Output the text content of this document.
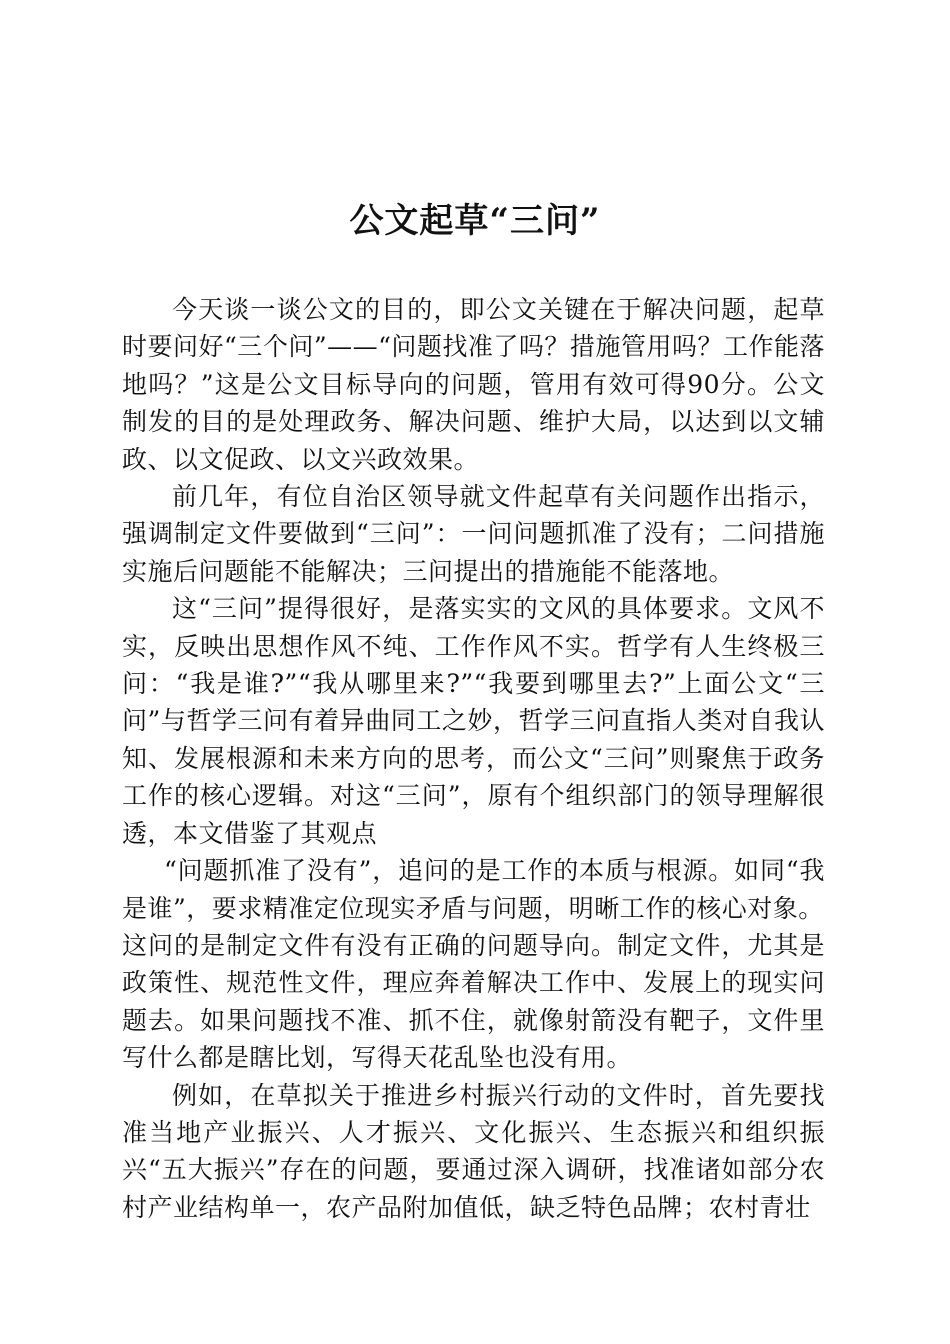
公文起草“三问”

今天谈一谈公文的目的，即公文关键在于解决问题，起草时要问好“三个问”——“问题找准了吗？措施管用吗？工作能落地吗？”这是公文目标导向的问题，管用有效可得90分。公文制发的目的是处理政务、解决问题、维护大局，以达到以文辅政、以文促政、以文兴政效果。

前几年，有位自治区领导就文件起草有关问题作出指示，强调制定文件要做到“三问”：一问问题抓准了没有；二问措施实施后问题能不能解决；三问提出的措施能不能落地。

这“三问”提得很好，是落实实的文风的具体要求。文风不实，反映出思想作风不纯、工作作风不实。哲学有人生终极三问：“我是谁?”“我从哪里来?”“我要到哪里去?”上面公文“三问”与哲学三问有着异曲同工之妙，哲学三问直指人类对自我认知、发展根源和未来方向的思考，而公文“三问”则聚焦于政务工作的核心逻辑。对这“三问”，原有个组织部门的领导理解很透，本文借鉴了其观点

“问题抓准了没有”，追问的是工作的本质与根源。如同“我是谁”，要求精准定位现实矛盾与问题，明晰工作的核心对象。

这问的是制定文件有没有正确的问题导向。制定文件，尤其是政策性、规范性文件，理应奔着解决工作中、发展上的现实问题去。如果问题找不准、抓不住，就像射箭没有靶子，文件里写什么都是瞎比划，写得天花乱坠也没有用。

例如，在草拟关于推进乡村振兴行动的文件时，首先要找准当地产业振兴、人才振兴、文化振兴、生态振兴和组织振兴“五大振兴”存在的问题，要通过深入调研，找准诸如部分农村产业结构单一，农产品附加值低，缺乏特色品牌；农村青壮
